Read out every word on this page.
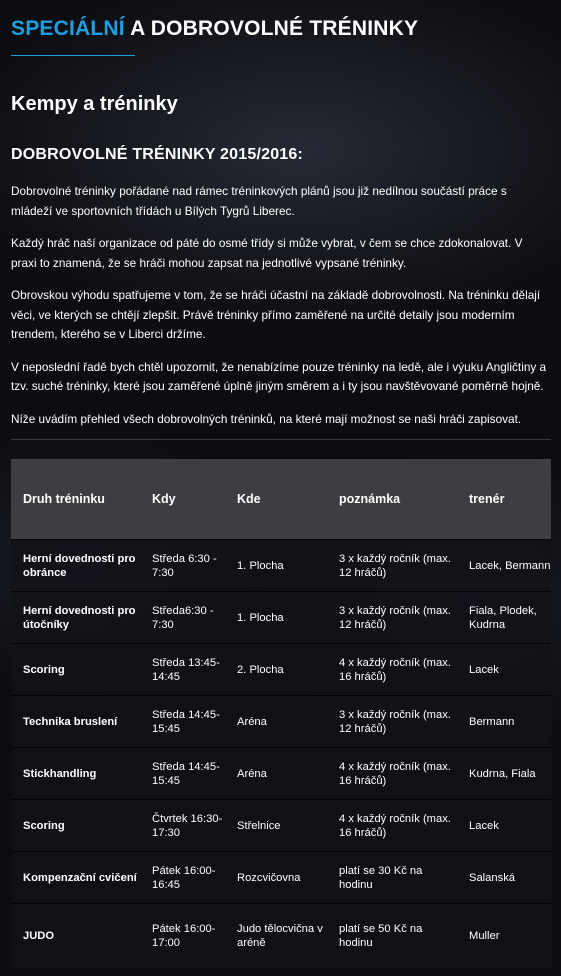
SPECIÁLNÍ A DOBROVOLNÉ TRÉNINKY
Kempy a tréninky
DOBROVOLNÉ TRÉNINKY 2015/2016:

Dobrovolné tréninky pořádané nad rámec tréninkových plánů jsou již nedílnou součástí práce s mládeží ve sportovních třídách u Bílých Tygrů Liberec.

Každý hráč naší organizace od páté do osmé třídy si může vybrat, v čem se chce zdokonalovat. V praxi to znamená, že se hráči mohou zapsat na jednotlivé vypsané tréninky.

Obrovskou výhodu spatřujeme v tom, že se hráči účastní na základě dobrovolnosti. Na tréninku dělají věci, ve kterých se chtějí zlepšit. Právě tréninky přímo zaměřené na určité detaily jsou moderním trendem, kterého se v Liberci držíme.

V neposlední řadě bych chtěl upozornit, že nenabízíme pouze tréninky na ledě, ale i výuku Angličtiny a tzv. suché tréninky, které jsou zaměřené úplně jiným směrem a i ty jsou navštěvované poměrně hojně.

Níže uvádím přehled všech dobrovolných tréninků, na které mají možnost se naši hráči zapisovat.

Druh tréninku	Kdy	Kde	poznámka	trenér
Herní dovednosti pro obránce	Středa 6:30 - 7:30	1. Plocha	3 x každý ročník (max. 12 hráčů)	Lacek, Bermann
Herní dovednosti pro útočníky	Středa6:30 - 7:30	1. Plocha	3 x každý ročník (max. 12 hráčů)	Fiala, Plodek, Kudrna
Scoring	Středa 13:45-14:45	2. Plocha	4 x každý ročník (max. 16 hráčů)	Lacek
Technika bruslení	Středa 14:45-15:45	Aréna	3 x každý ročník (max. 12 hráčů)	Bermann
Stickhandling	Středa 14:45-15:45	Aréna	4 x každý ročník (max. 16 hráčů)	Kudrna, Fiala
Scoring	Čtvrtek 16:30-17:30	Střelnice	4 x každý ročník (max. 16 hráčů)	Lacek
Kompenzační cvičení	Pátek 16:00-16:45	Rozcvičovna	platí se 30 Kč na hodinu	Salanská
JUDO	Pátek 16:00-17:00	Judo tělocvična v aréně	platí se 50 Kč na hodinu	Muller
